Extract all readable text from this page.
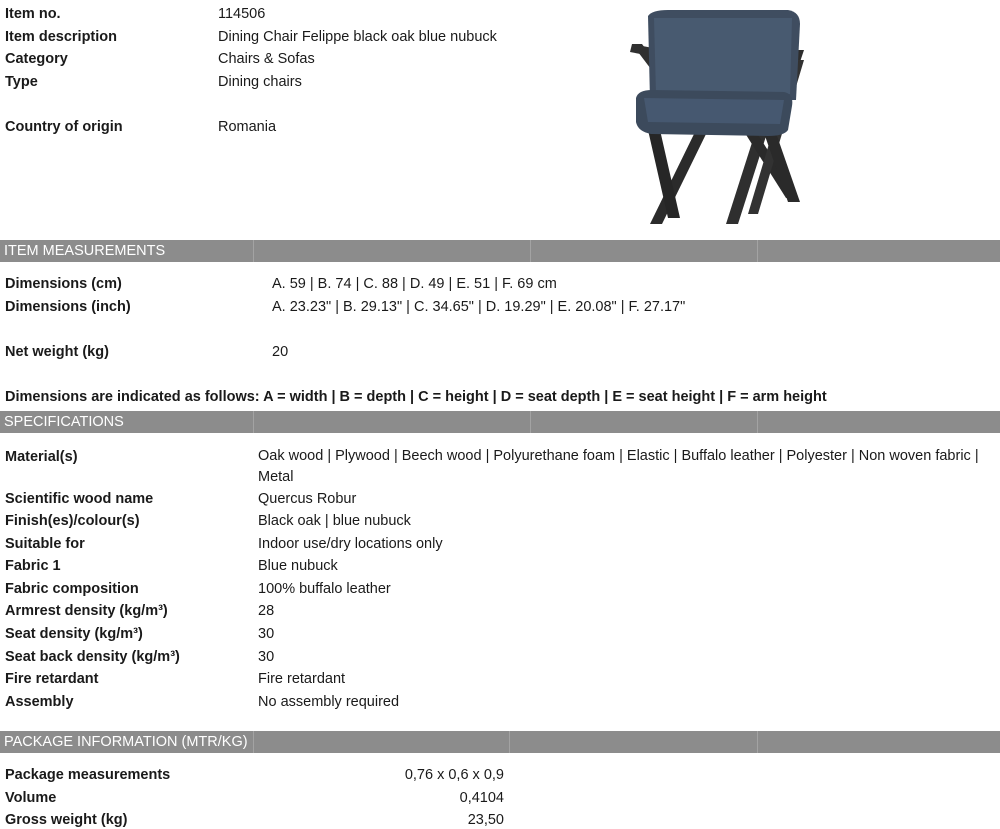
Item no.	114506
Item description	Dining Chair Felippe black oak blue nubuck
Category	Chairs & Sofas
Type	Dining chairs
Country of origin	Romania
ITEM MEASUREMENTS
Dimensions (cm)	A. 59 | B. 74 | C. 88 | D. 49 | E. 51 | F. 69 cm
Dimensions (inch)	A. 23.23" | B. 29.13" | C. 34.65" | D. 19.29" | E. 20.08" | F. 27.17"
Net weight (kg)	20
Dimensions are indicated as follows: A = width | B = depth | C = height | D = seat depth | E = seat height | F = arm height
SPECIFICATIONS
Material(s)	Oak wood | Plywood | Beech wood | Polyurethane foam | Elastic | Buffalo leather | Polyester | Non woven fabric | Metal
Scientific wood name	Quercus Robur
Finish(es)/colour(s)	Black oak | blue nubuck
Suitable for	Indoor use/dry locations only
Fabric 1	Blue nubuck
Fabric composition	100% buffalo leather
Armrest density (kg/m³)	28
Seat density (kg/m³)	30
Seat back density (kg/m³)	30
Fire retardant	Fire retardant
Assembly	No assembly required
PACKAGE INFORMATION (MTR/KG)
Package measurements	0,76 x 0,6 x 0,9
Volume	0,4104
Gross weight (kg)	23,50
